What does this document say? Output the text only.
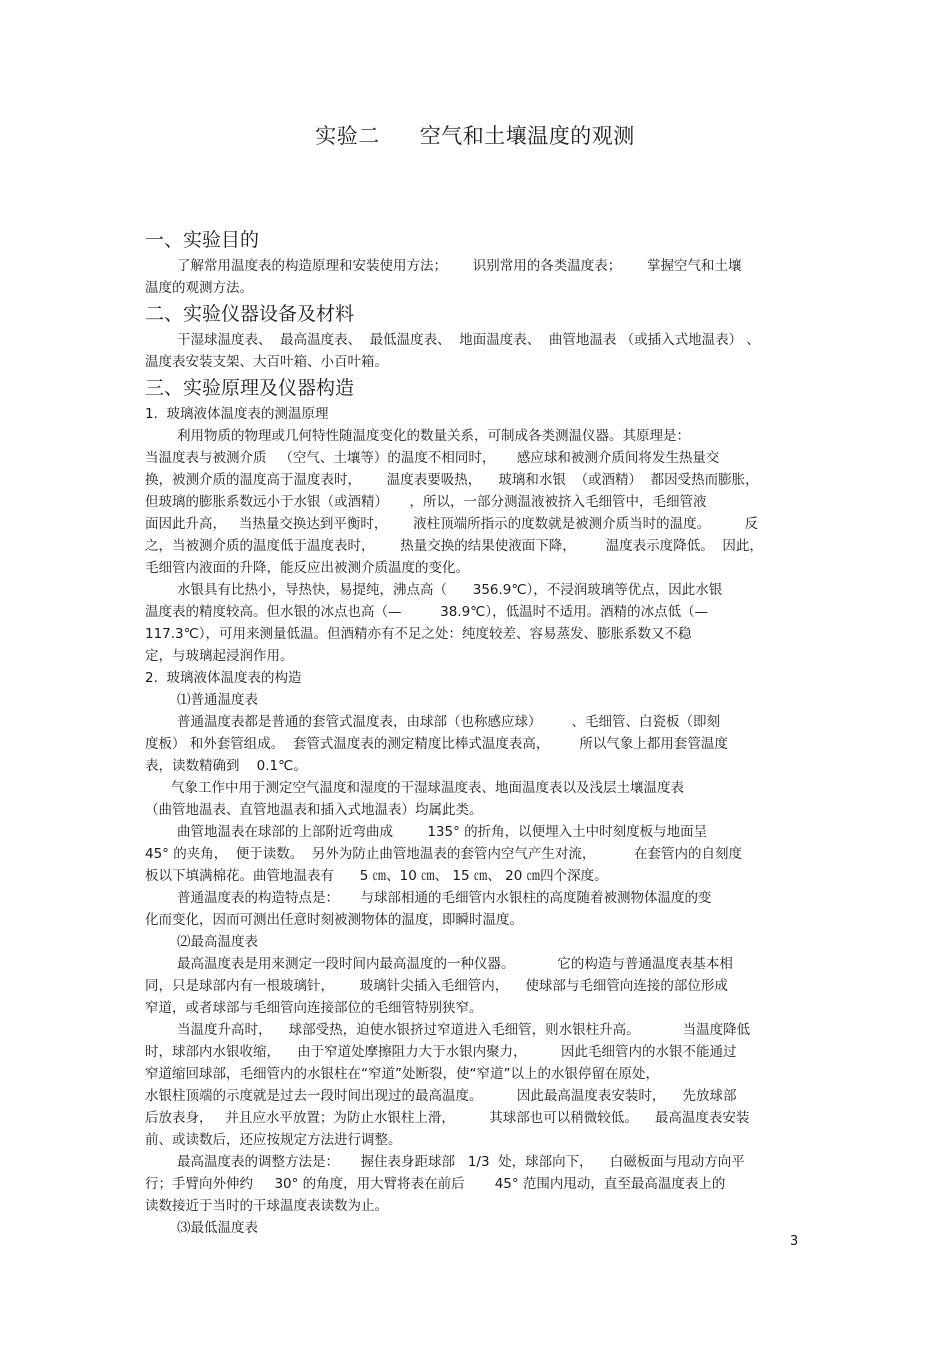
实验二 空气和土壤温度的观测
一、实验目的
了解常用温度表的构造原理和安装使用方法；      识别常用的各类温度表；      掌握空气和土壤
温度的观测方法。
二、实验仪器设备及材料
干湿球温度表、  最高温度表、  最低温度表、  地面温度表、  曲管地温表 （或插入式地温表） 、
温度表安装支架、大百叶箱、小百叶箱。
三、实验原理及仪器构造
1.  玻璃液体温度表的测温原理
利用物质的物理或几何特性随温度变化的数量关系，可制成各类测温仪器。其原理是：
当温度表与被测介质   （空气、土壤等）的温度不相同时，     感应球和被测介质间将发生热量交
换，被测介质的温度高于温度表时，      温度表要吸热，    玻璃和水银  （或酒精）  都因受热而膨胀，
但玻璃的膨胀系数远小于水银（或酒精）     ，所以，一部分测温液被挤入毛细管中，毛细管液
面因此升高，   当热量交换达到平衡时，      液柱顶端所指示的度数就是被测介质当时的温度。        反
之，当被测介质的温度低于温度表时，      热量交换的结果使液面下降，       温度表示度降低。  因此，
毛细管内液面的升降，能反应出被测介质温度的变化。
水银具有比热小，导热快，易提纯，沸点高（      356.9℃），不浸润玻璃等优点，因此水银
温度表的精度较高。但水银的冰点也高（—         38.9℃），低温时不适用。酒精的冰点低（—
117.3℃），可用来测量低温。但酒精亦有不足之处：纯度较差、容易蒸发、膨胀系数又不稳
定，与玻璃起浸润作用。
2.  玻璃液体温度表的构造
⑴普通温度表
普通温度表都是普通的套管式温度表，由球部（也称感应球）       、毛细管、白瓷板（即刻
度板） 和外套管组成。  套管式温度表的测定精度比棒式温度表高，       所以气象上都用套管温度
表，读数精确到    0.1℃。
气象工作中用于测定空气温度和湿度的干湿球温度表、地面温度表以及浅层土壤温度表
（曲管地温表、直管地温表和插入式地温表）均属此类。
曲管地温表在球部的上部附近弯曲成        135° 的折角，以便埋入土中时刻度板与地面呈
45° 的夹角，  便于读数。  另外为防止曲管地温表的套管内空气产生对流，         在套管内的自刻度
板以下填满棉花。曲管地温表有      5 ㎝、10 ㎝、 15 ㎝、 20 ㎝四个深度。
普通温度表的构造特点是：     与球部相通的毛细管内水银柱的高度随着被测物体温度的变
化而变化，因而可测出任意时刻被测物体的温度，即瞬时温度。
⑵最高温度表
最高温度表是用来测定一段时间内最高温度的一种仪器。          它的构造与普通温度表基本相
同，只是球部内有一根玻璃针，      玻璃针尖插入毛细管内，    使球部与毛细管向连接的部位形成
窄道，或者球部与毛细管向连接部位的毛细管特别狭窄。
当温度升高时，    球部受热，迫使水银挤过窄道进入毛细管，则水银柱升高。          当温度降低
时，球部内水银收缩，    由于窄道处摩擦阻力大于水银内聚力，        因此毛细管内的水银不能通过
窄道缩回球部，毛细管内的水银柱在“窄道”处断裂，使“窄道”以上的水银停留在原处，
水银柱顶端的示度就是过去一段时间出现过的最高温度。        因此最高温度表安装时，    先放球部
后放表身，   并且应水平放置；为防止水银柱上滑，        其球部也可以稍微较低。    最高温度表安装
前、或读数后，还应按规定方法进行调整。
最高温度表的调整方法是：     握住表身距球部   1/3  处，球部向下，    白磁板面与甩动方向平
行；手臂向外伸约     30° 的角度，用大臂将表在前后       45° 范围内甩动，直至最高温度表上的
读数接近于当时的干球温度表读数为止。
⑶最低温度表
3
